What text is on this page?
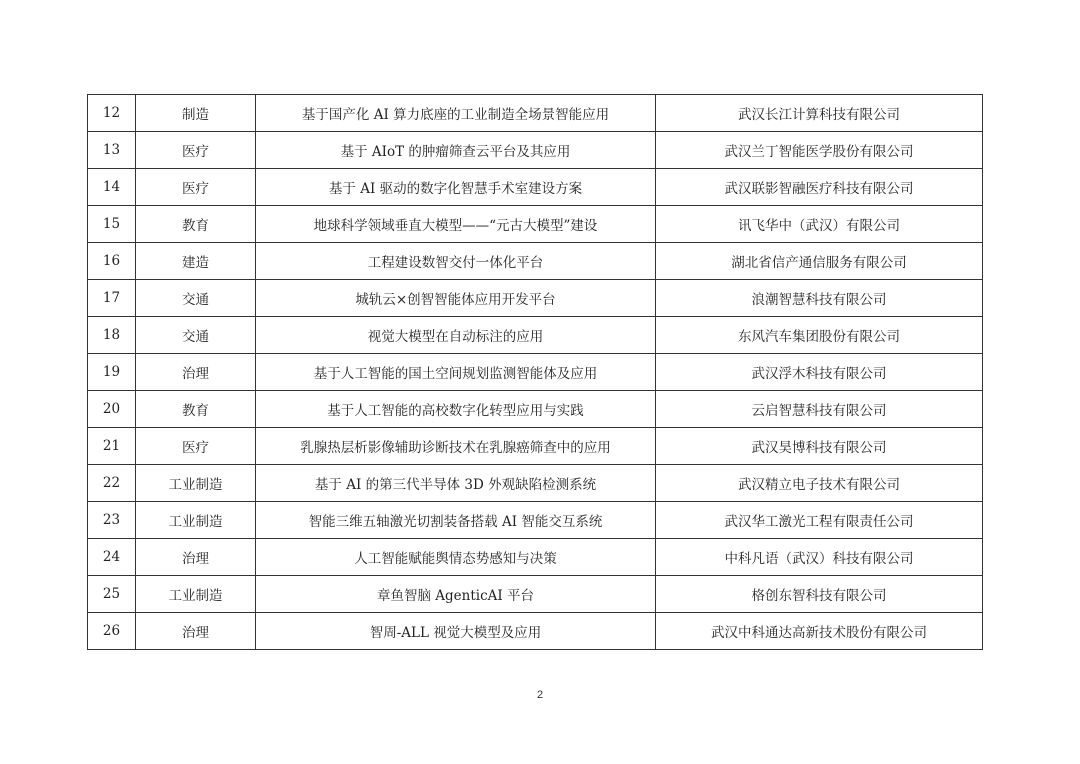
12	制造	基于国产化 AI 算力底座的工业制造全场景智能应用	武汉长江计算科技有限公司
13	医疗	基于 AIoT 的肿瘤筛查云平台及其应用	武汉兰丁智能医学股份有限公司
14	医疗	基于 AI 驱动的数字化智慧手术室建设方案	武汉联影智融医疗科技有限公司
15	教育	地球科学领域垂直大模型——“元古大模型”建设	讯飞华中（武汉）有限公司
16	建造	工程建设数智交付一体化平台	湖北省信产通信服务有限公司
17	交通	城轨云×创智智能体应用开发平台	浪潮智慧科技有限公司
18	交通	视觉大模型在自动标注的应用	东风汽车集团股份有限公司
19	治理	基于人工智能的国土空间规划监测智能体及应用	武汉浮木科技有限公司
20	教育	基于人工智能的高校数字化转型应用与实践	云启智慧科技有限公司
21	医疗	乳腺热层析影像辅助诊断技术在乳腺癌筛查中的应用	武汉昊博科技有限公司
22	工业制造	基于 AI 的第三代半导体 3D 外观缺陷检测系统	武汉精立电子技术有限公司
23	工业制造	智能三维五轴激光切割装备搭载 AI 智能交互系统	武汉华工激光工程有限责任公司
24	治理	人工智能赋能舆情态势感知与决策	中科凡语（武汉）科技有限公司
25	工业制造	章鱼智脑 AgenticAI 平台	格创东智科技有限公司
26	治理	智周-ALL 视觉大模型及应用	武汉中科通达高新技术股份有限公司
2
